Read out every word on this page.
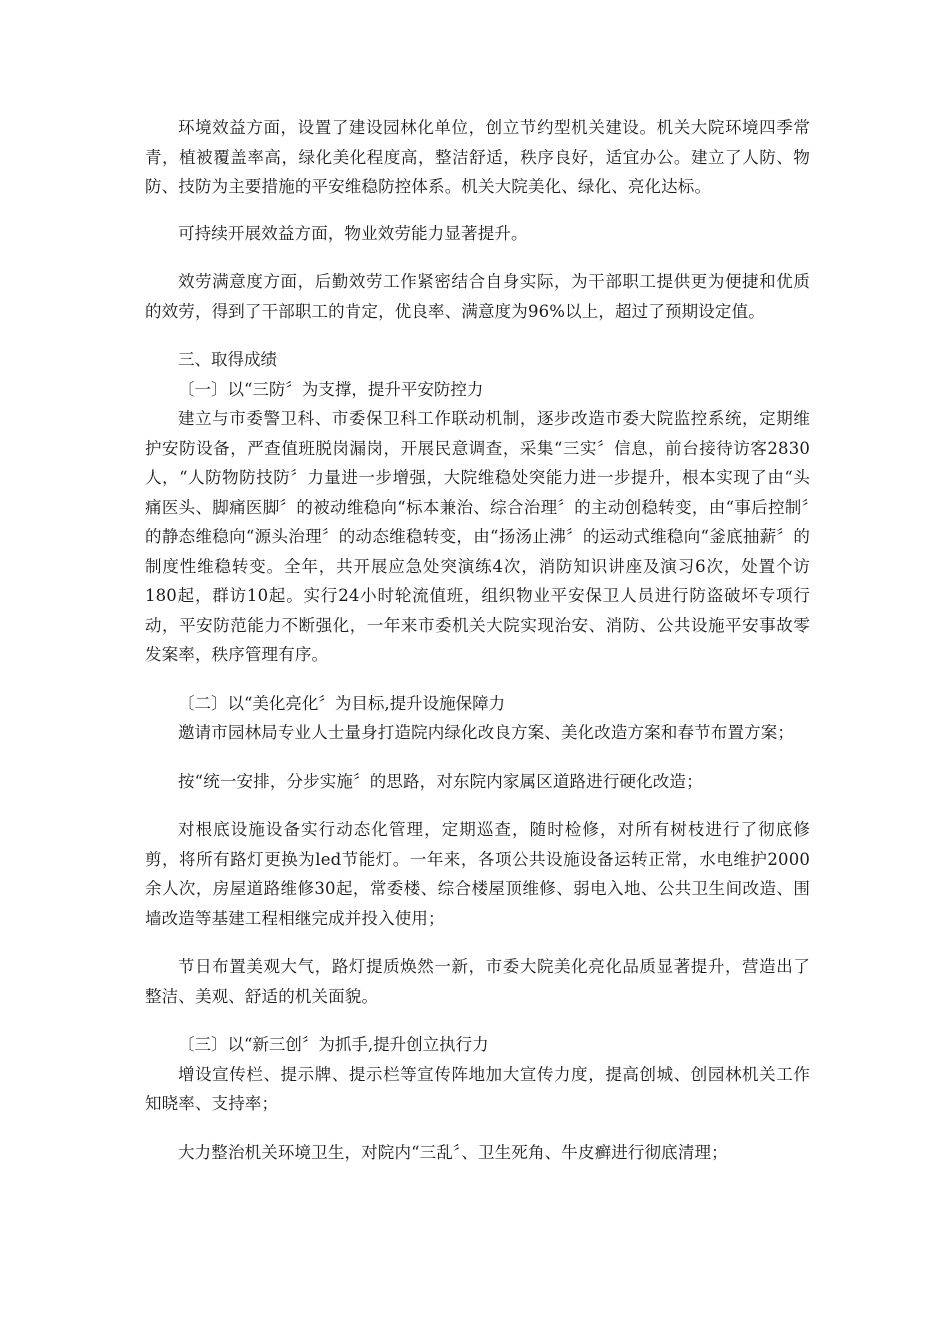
环境效益方面，设置了建设园林化单位，创立节约型机关建设。机关大院环境四季常青，植被覆盖率高，绿化美化程度高，整洁舒适，秩序良好，适宜办公。建立了人防、物防、技防为主要措施的平安维稳防控体系。机关大院美化、绿化、亮化达标。

可持续开展效益方面，物业效劳能力显著提升。

效劳满意度方面，后勤效劳工作紧密结合自身实际，为干部职工提供更为便捷和优质的效劳，得到了干部职工的肯定，优良率、满意度为96%以上，超过了预期设定值。

三、取得成绩

〔一〕以“三防〞为支撑，提升平安防控力

建立与市委警卫科、市委保卫科工作联动机制，逐步改造市委大院监控系统，定期维护安防设备，严查值班脱岗漏岗，开展民意调查，采集“三实〞信息，前台接待访客2830人，“人防物防技防〞力量进一步增强，大院维稳处突能力进一步提升，根本实现了由“头痛医头、脚痛医脚〞的被动维稳向“标本兼治、综合治理〞的主动创稳转变，由“事后控制〞的静态维稳向“源头治理〞的动态维稳转变，由“扬汤止沸〞的运动式维稳向“釜底抽薪〞的制度性维稳转变。全年，共开展应急处突演练4次，消防知识讲座及演习6次，处置个访180起，群访10起。实行24小时轮流值班，组织物业平安保卫人员进行防盗破坏专项行动，平安防范能力不断强化，一年来市委机关大院实现治安、消防、公共设施平安事故零发案率，秩序管理有序。

〔二〕以“美化亮化〞为目标,提升设施保障力

邀请市园林局专业人士量身打造院内绿化改良方案、美化改造方案和春节布置方案；

按“统一安排，分步实施〞的思路，对东院内家属区道路进行硬化改造；

对根底设施设备实行动态化管理，定期巡查，随时检修，对所有树枝进行了彻底修剪，将所有路灯更换为led节能灯。一年来，各项公共设施设备运转正常，水电维护2000余人次，房屋道路维修30起，常委楼、综合楼屋顶维修、弱电入地、公共卫生间改造、围墙改造等基建工程相继完成并投入使用；

节日布置美观大气，路灯提质焕然一新，市委大院美化亮化品质显著提升，营造出了整洁、美观、舒适的机关面貌。

〔三〕以“新三创〞为抓手,提升创立执行力

增设宣传栏、提示牌、提示栏等宣传阵地加大宣传力度，提高创城、创园林机关工作知晓率、支持率；

大力整治机关环境卫生，对院内“三乱〞、卫生死角、牛皮癣进行彻底清理；
